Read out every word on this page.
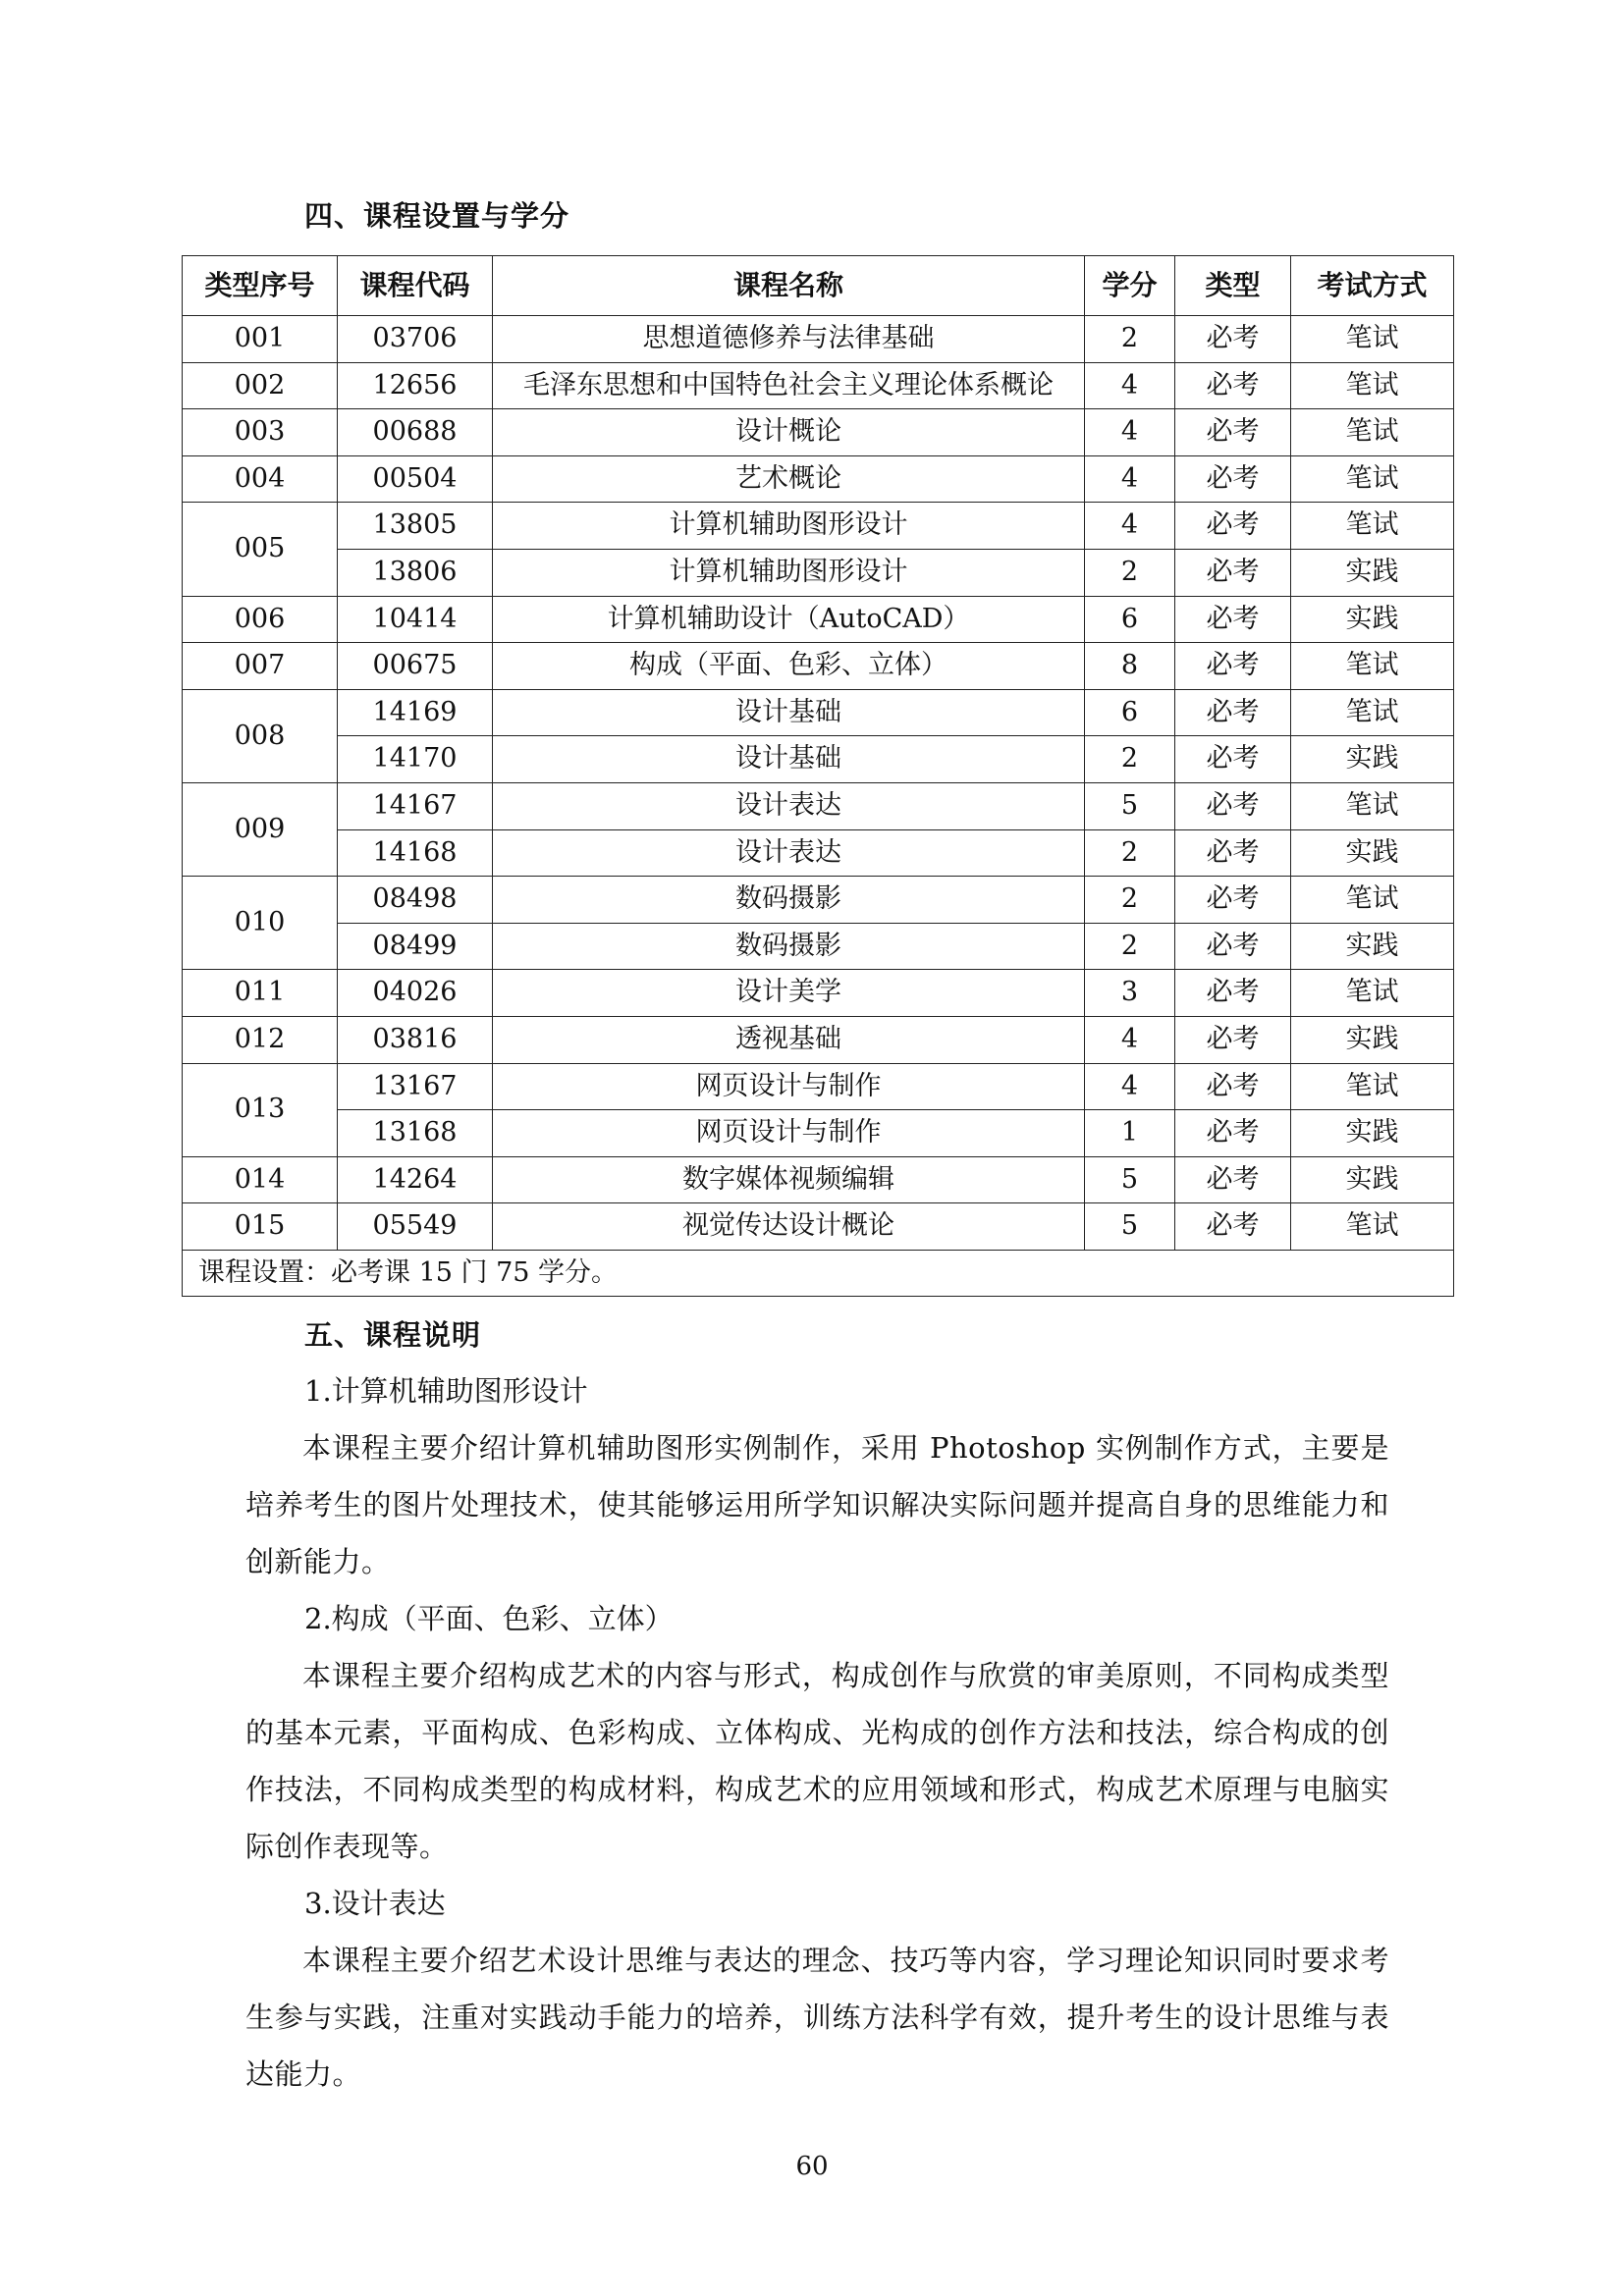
四、课程设置与学分
类型序号	课程代码	课程名称	学分	类型	考试方式
001	03706	思想道德修养与法律基础	2	必考	笔试
002	12656	毛泽东思想和中国特色社会主义理论体系概论	4	必考	笔试
003	00688	设计概论	4	必考	笔试
004	00504	艺术概论	4	必考	笔试
005	13805	计算机辅助图形设计	4	必考	笔试
	13806	计算机辅助图形设计	2	必考	实践
006	10414	计算机辅助设计（AutoCAD）	6	必考	实践
007	00675	构成（平面、色彩、立体）	8	必考	笔试
008	14169	设计基础	6	必考	笔试
	14170	设计基础	2	必考	实践
009	14167	设计表达	5	必考	笔试
	14168	设计表达	2	必考	实践
010	08498	数码摄影	2	必考	笔试
	08499	数码摄影	2	必考	实践
011	04026	设计美学	3	必考	笔试
012	03816	透视基础	4	必考	实践
013	13167	网页设计与制作	4	必考	笔试
	13168	网页设计与制作	1	必考	实践
014	14264	数字媒体视频编辑	5	必考	实践
015	05549	视觉传达设计概论	5	必考	笔试
课程设置：必考课 15 门 75 学分。					
五、课程说明
1.计算机辅助图形设计

本课程主要介绍计算机辅助图形实例制作，采用 Photoshop 实例制作方式，主要是培养考生的图片处理技术，使其能够运用所学知识解决实际问题并提高自身的思维能力和创新能力。

2.构成（平面、色彩、立体）

本课程主要介绍构成艺术的内容与形式，构成创作与欣赏的审美原则，不同构成类型的基本元素，平面构成、色彩构成、立体构成、光构成的创作方法和技法，综合构成的创作技法，不同构成类型的构成材料，构成艺术的应用领域和形式，构成艺术原理与电脑实际创作表现等。

3.设计表达

本课程主要介绍艺术设计思维与表达的理念、技巧等内容，学习理论知识同时要求考生参与实践，注重对实践动手能力的培养，训练方法科学有效，提升考生的设计思维与表达能力。

60
